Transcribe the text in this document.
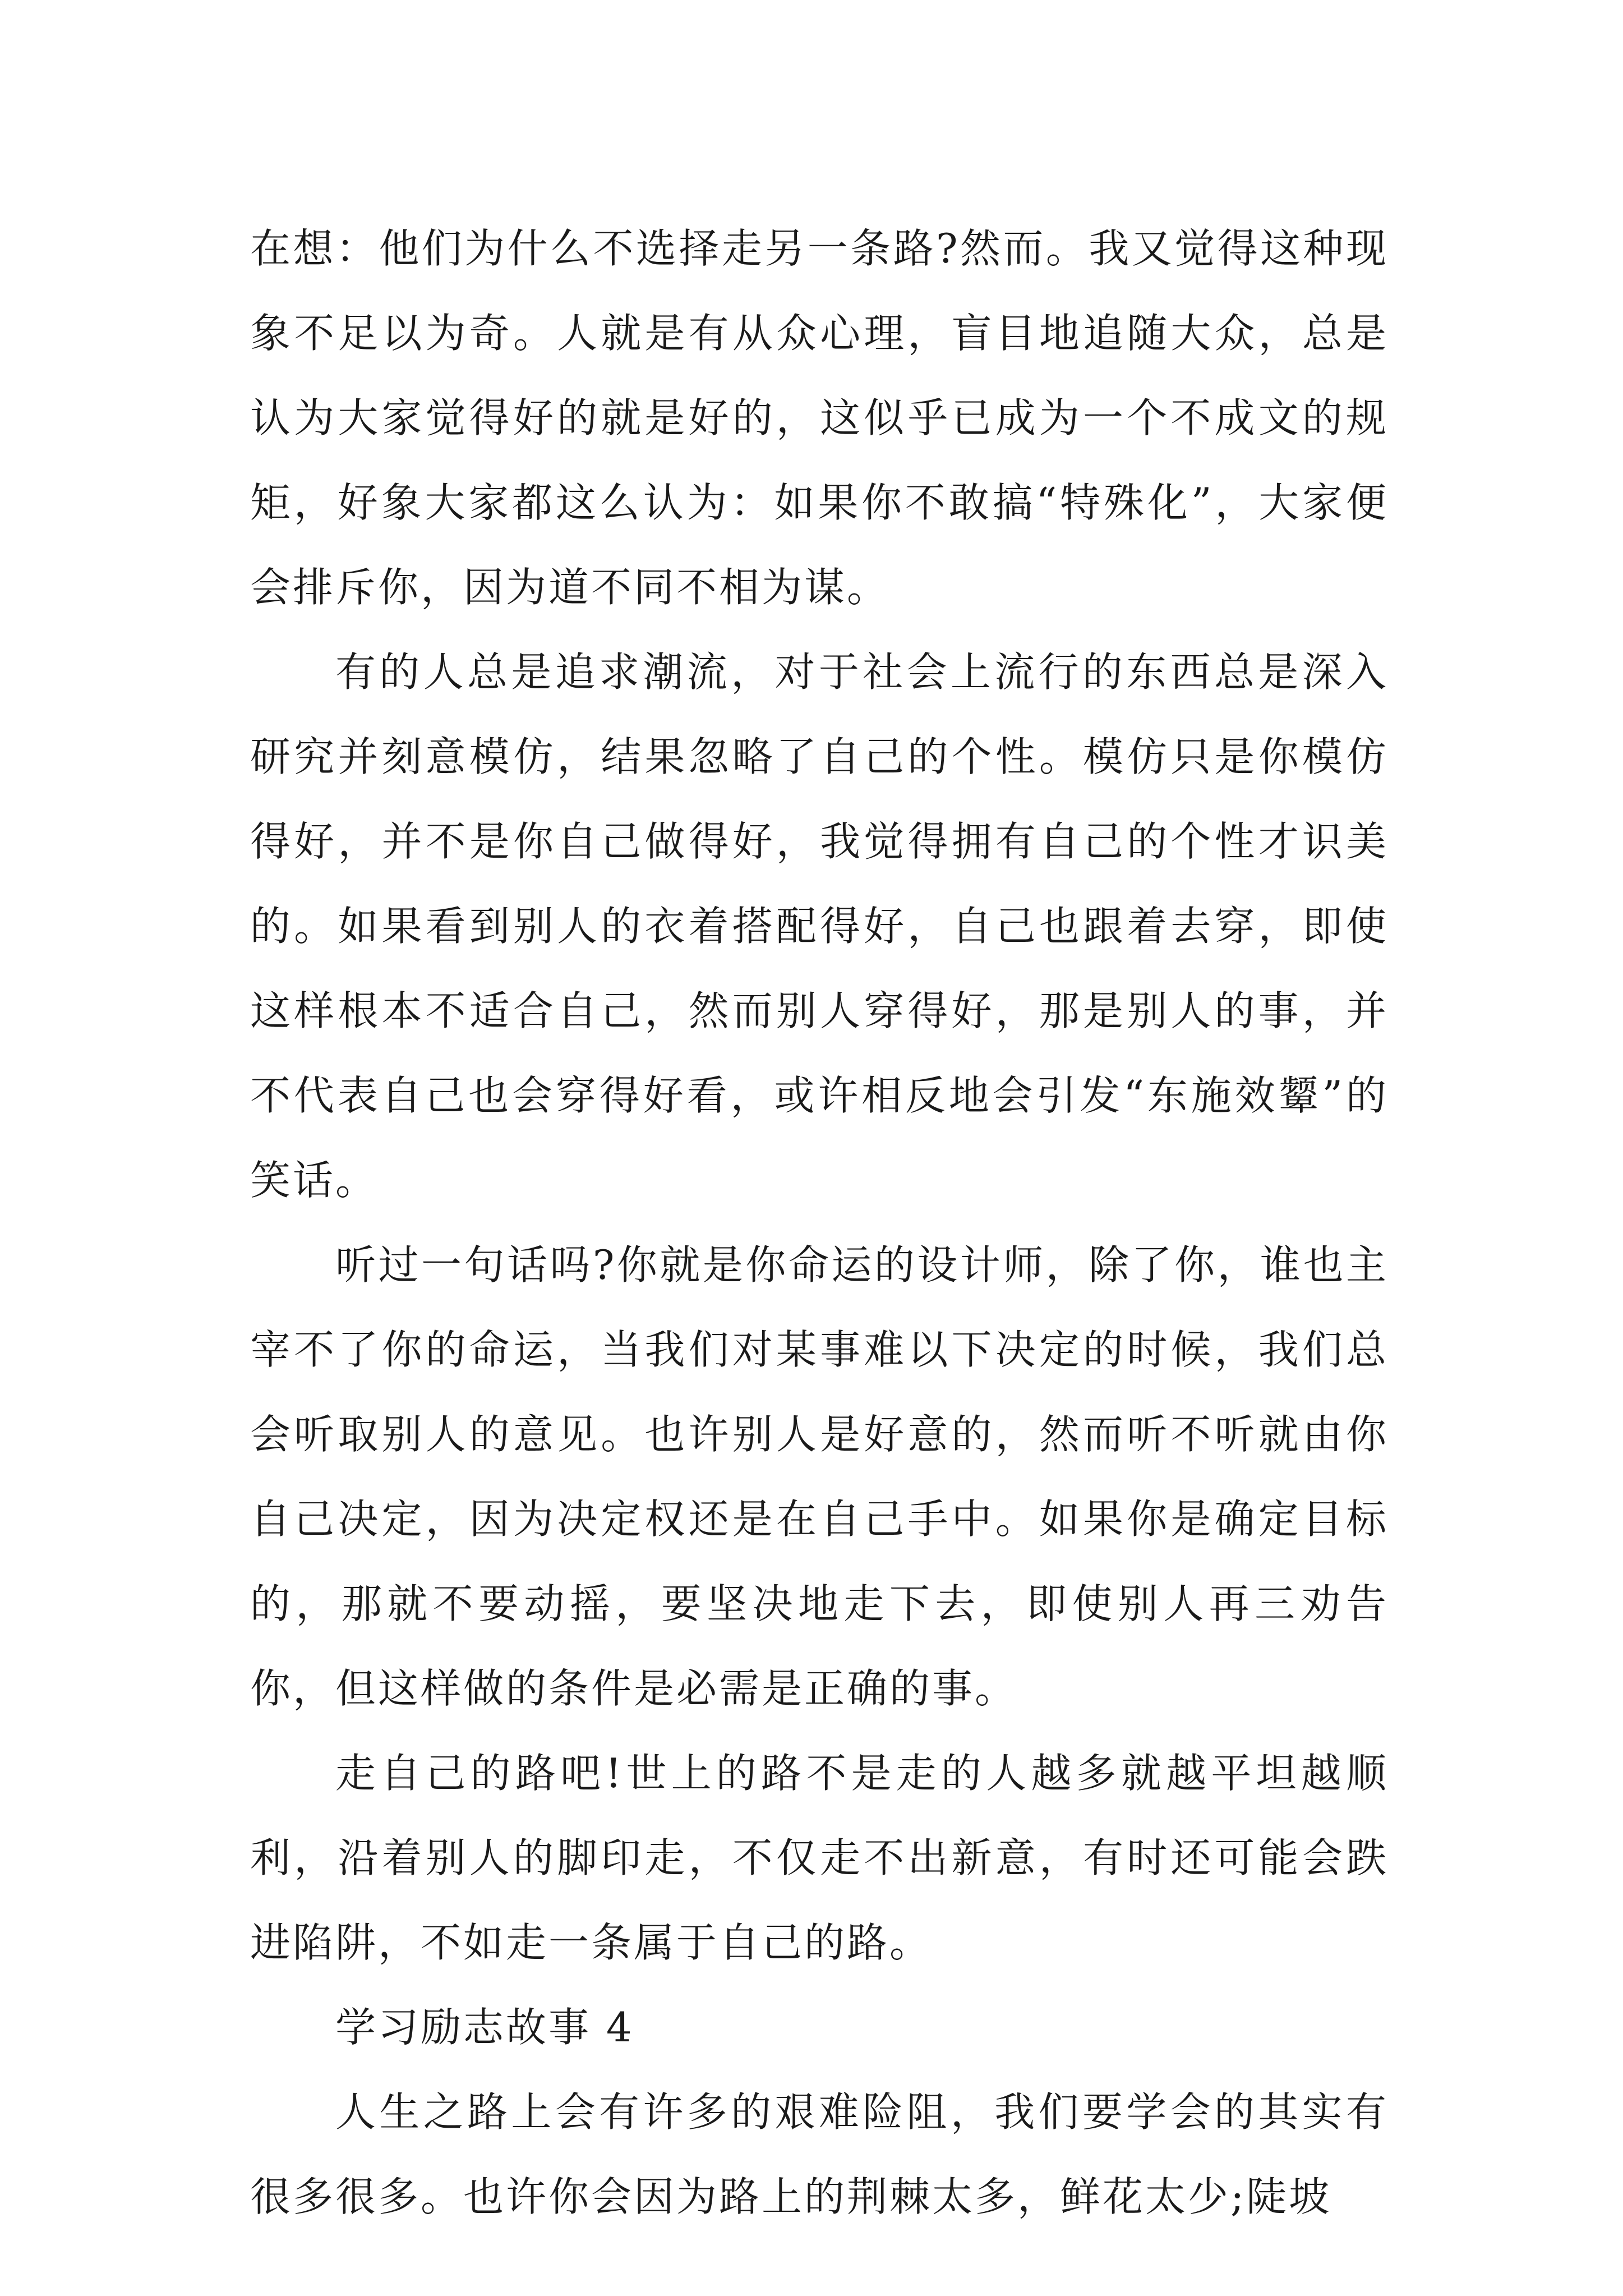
在想：他们为什么不选择走另一条路?然而。我又觉得这种现象不足以为奇。人就是有从众心理，盲目地追随大众，总是认为大家觉得好的就是好的，这似乎已成为一个不成文的规矩，好象大家都这么认为：如果你不敢搞“特殊化”，大家便会排斥你，因为道不同不相为谋。

有的人总是追求潮流，对于社会上流行的东西总是深入研究并刻意模仿，结果忽略了自己的个性。模仿只是你模仿得好，并不是你自己做得好，我觉得拥有自己的个性才识美的。如果看到别人的衣着搭配得好，自己也跟着去穿，即使这样根本不适合自己，然而别人穿得好，那是别人的事，并不代表自己也会穿得好看，或许相反地会引发“东施效颦”的笑话。

听过一句话吗?你就是你命运的设计师，除了你，谁也主宰不了你的命运，当我们对某事难以下决定的时候，我们总会听取别人的意见。也许别人是好意的，然而听不听就由你自己决定，因为决定权还是在自己手中。如果你是确定目标的，那就不要动摇，要坚决地走下去，即使别人再三劝告你，但这样做的条件是必需是正确的事。

走自己的路吧!世上的路不是走的人越多就越平坦越顺利，沿着别人的脚印走，不仅走不出新意，有时还可能会跌进陷阱，不如走一条属于自己的路。

学习励志故事 4

人生之路上会有许多的艰难险阻，我们要学会的其实有很多很多。也许你会因为路上的荆棘太多，鲜花太少;陡坡
